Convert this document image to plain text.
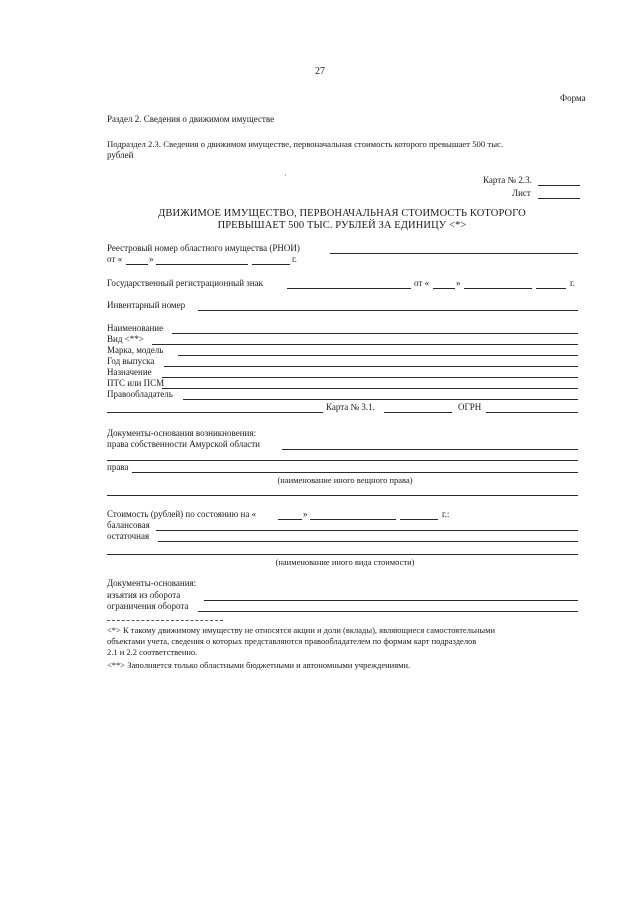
27
Форма
Раздел 2. Сведения о движимом имуществе
Подраздел 2.3. Сведения о движимом имуществе, первоначальная стоимость которого превышает 500 тыс.
рублей
·	Карта № 2.3.
Лист
ДВИЖИМОЕ ИМУЩЕСТВО, ПЕРВОНАЧАЛЬНАЯ СТОИМОСТЬ КОТОРОГО
ПРЕВЫШАЕТ 500 ТЫС. РУБЛЕЙ ЗА ЕДИНИЦУ <*>
Реестровый номер областного имущества (РНОИ)
от «	»	г.
Государственный регистрационный знак	от «	»	г.
Инвентарный номер
Наименование
Вид <**>
Марка, модель
Год выпуска
Назначение
ПТС или ПСМ
Правообладатель
Карта № 3.1.	ОГРН
Документы-основания возникновения:
права собственности Амурской области
права
(наименование иного вещного права)
Стоимость (рублей) по состоянию на «	»	г.:
балансовая
остаточная
(наименование иного вида стоимости)
Документы-основания:
изъятия из оборота
ограничения оборота
<*> К такому движимому имуществу не относятся акции и доли (вклады), являющиеся самостоятельными
объектами учета, сведения о которых представляются правообладателем по формам карт подразделов
2.1 и 2.2 соответственно.
<**> Заполняется только областными бюджетными и автономными учреждениями.
